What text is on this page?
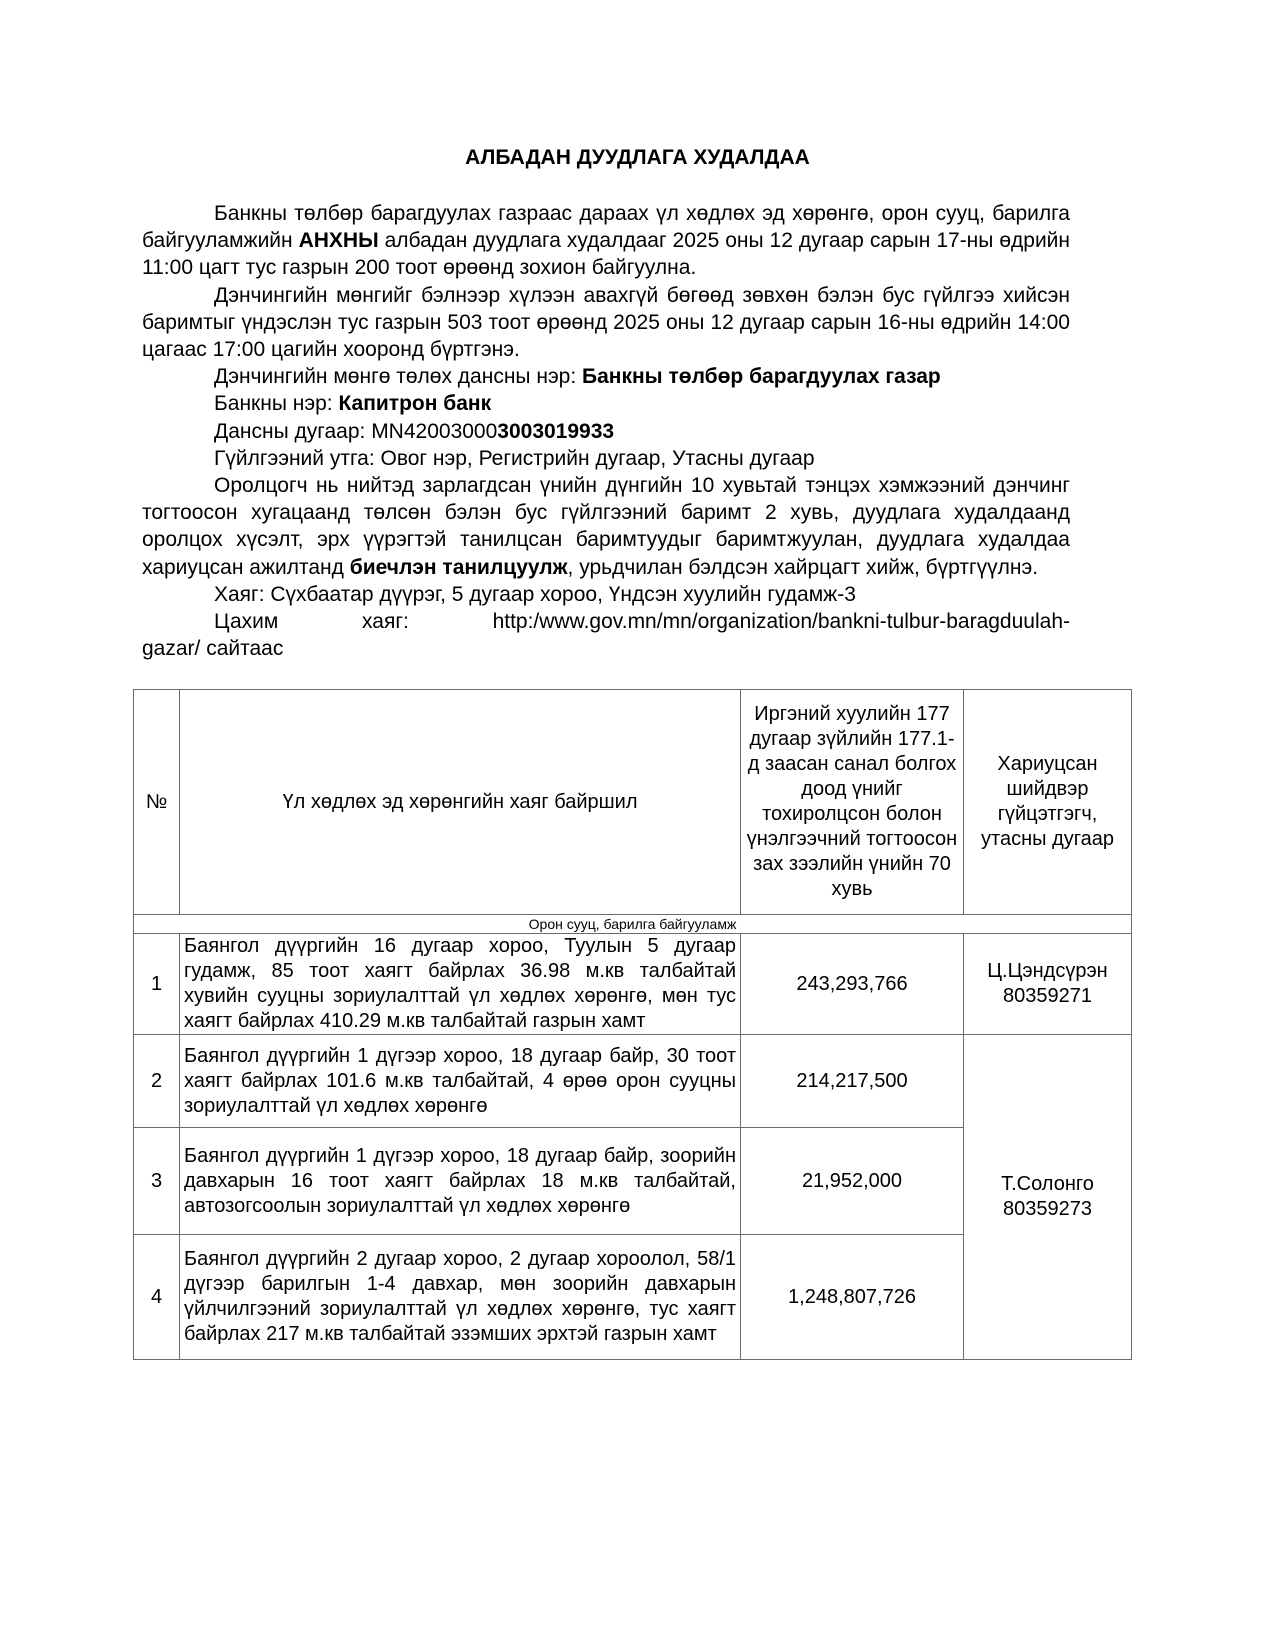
АЛБАДАН ДУУДЛАГА ХУДАЛДАА

Банкны төлбөр барагдуулах газраас дараах үл хөдлөх эд хөрөнгө, орон сууц, барилга байгууламжийн АНХНЫ албадан дуудлага худалдааг 2025 оны 12 дугаар сарын 17-ны өдрийн 11:00 цагт тус газрын 200 тоот өрөөнд зохион байгуулна.

Дэнчингийн мөнгийг бэлнээр хүлээн авахгүй бөгөөд зөвхөн бэлэн бус гүйлгээ хийсэн баримтыг үндэслэн тус газрын 503 тоот өрөөнд 2025 оны 12 дугаар сарын 16-ны өдрийн 14:00 цагаас 17:00 цагийн хооронд бүртгэнэ.

Дэнчингийн мөнгө төлөх дансны нэр: Банкны төлбөр барагдуулах газар

Банкны нэр: Капитрон банк

Дансны дугаар: MN420030003003019933

Гүйлгээний утга: Овог нэр, Регистрийн дугаар, Утасны дугаар

Оролцогч нь нийтэд зарлагдсан үнийн дүнгийн 10 хувьтай тэнцэх хэмжээний дэнчинг тогтоосон хугацаанд төлсөн бэлэн бус гүйлгээний баримт 2 хувь, дуудлага худалдаанд оролцох хүсэлт, эрх үүрэгтэй танилцсан баримтуудыг баримтжуулан, дуудлага худалдаа хариуцсан ажилтанд биечлэн танилцуулж, урьдчилан бэлдсэн хайрцагт хийж, бүртгүүлнэ.

Хаяг: Сүхбаатар дүүрэг, 5 дугаар хороо, Үндсэн хуулийн гудамж-3

Цахим	хаяг:	http:/www.gov.mn/mn/organization/bankni-tulbur-baragduulah-

gazar/ сайтаас

№	Үл хөдлөх эд хөрөнгийн хаяг байршил	Иргэний хуулийн 177 дугаар зүйлийн 177.1-д заасан санал болгох доод үнийг тохиролцсон болон үнэлгээчний тогтоосон зах зээлийн үнийн 70 хувь	Хариуцсан шийдвэр гүйцэтгэгч, утасны дугаар
Орон сууц, барилга байгууламж			
1	Баянгол дүүргийн 16 дугаар хороо, Туулын 5 дугаар гудамж, 85 тоот хаягт байрлах 36.98 м.кв талбайтай хувийн сууцны зориулалттай үл хөдлөх хөрөнгө, мөн тус хаягт байрлах 410.29 м.кв талбайтай газрын хамт	243,293,766	Ц.Цэндсүрэн
80359271

2	Баянгол дүүргийн 1 дүгээр хороо, 18 дугаар байр, 30 тоот хаягт байрлах 101.6 м.кв талбайтай, 4 өрөө орон сууцны зориулалттай үл хөдлөх хөрөнгө	214,217,500	Т.Солонго
80359273

3	Баянгол дүүргийн 1 дүгээр хороо, 18 дугаар байр, зоорийн давхарын 16 тоот хаягт байрлах 18 м.кв талбайтай, автозогсоолын зориулалттай үл хөдлөх хөрөнгө	21,952,000	
4	Баянгол дүүргийн 2 дугаар хороо, 2 дугаар хороолол, 58/1 дүгээр барилгын 1-4 давхар, мөн зоорийн давхарын үйлчилгээний зориулалттай үл хөдлөх хөрөнгө, тус хаягт байрлах 217 м.кв талбайтай эзэмших эрхтэй газрын хамт	1,248,807,726	
